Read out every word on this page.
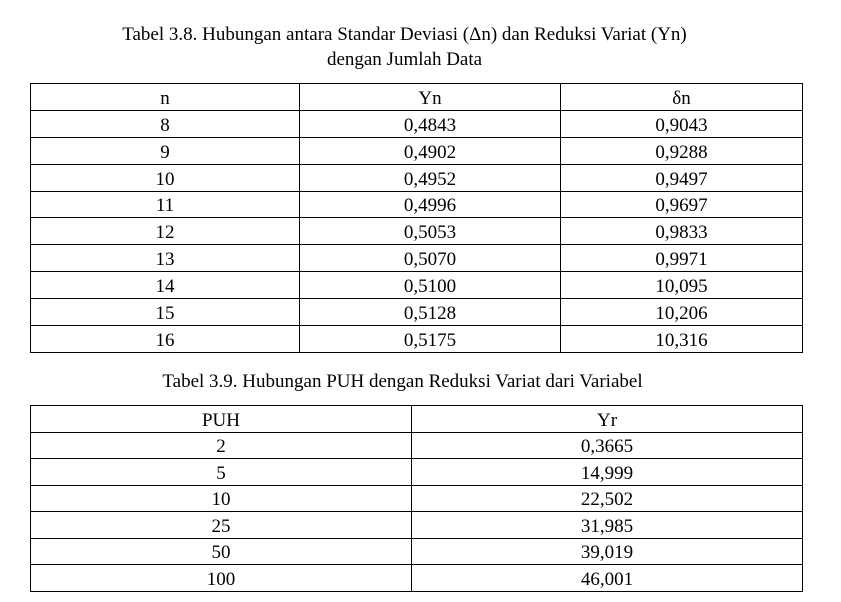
Tabel 3.8. Hubungan antara Standar Deviasi (Δn) dan Reduksi Variat (Yn)
dengan Jumlah Data
n	Yn	δn
8	0,4843	0,9043
9	0,4902	0,9288
10	0,4952	0,9497
11	0,4996	0,9697
12	0,5053	0,9833
13	0,5070	0,9971
14	0,5100	10,095
15	0,5128	10,206
16	0,5175	10,316
Tabel 3.9. Hubungan PUH dengan Reduksi Variat dari Variabel
PUH	Yr
2	0,3665
5	14,999
10	22,502
25	31,985
50	39,019
100	46,001
